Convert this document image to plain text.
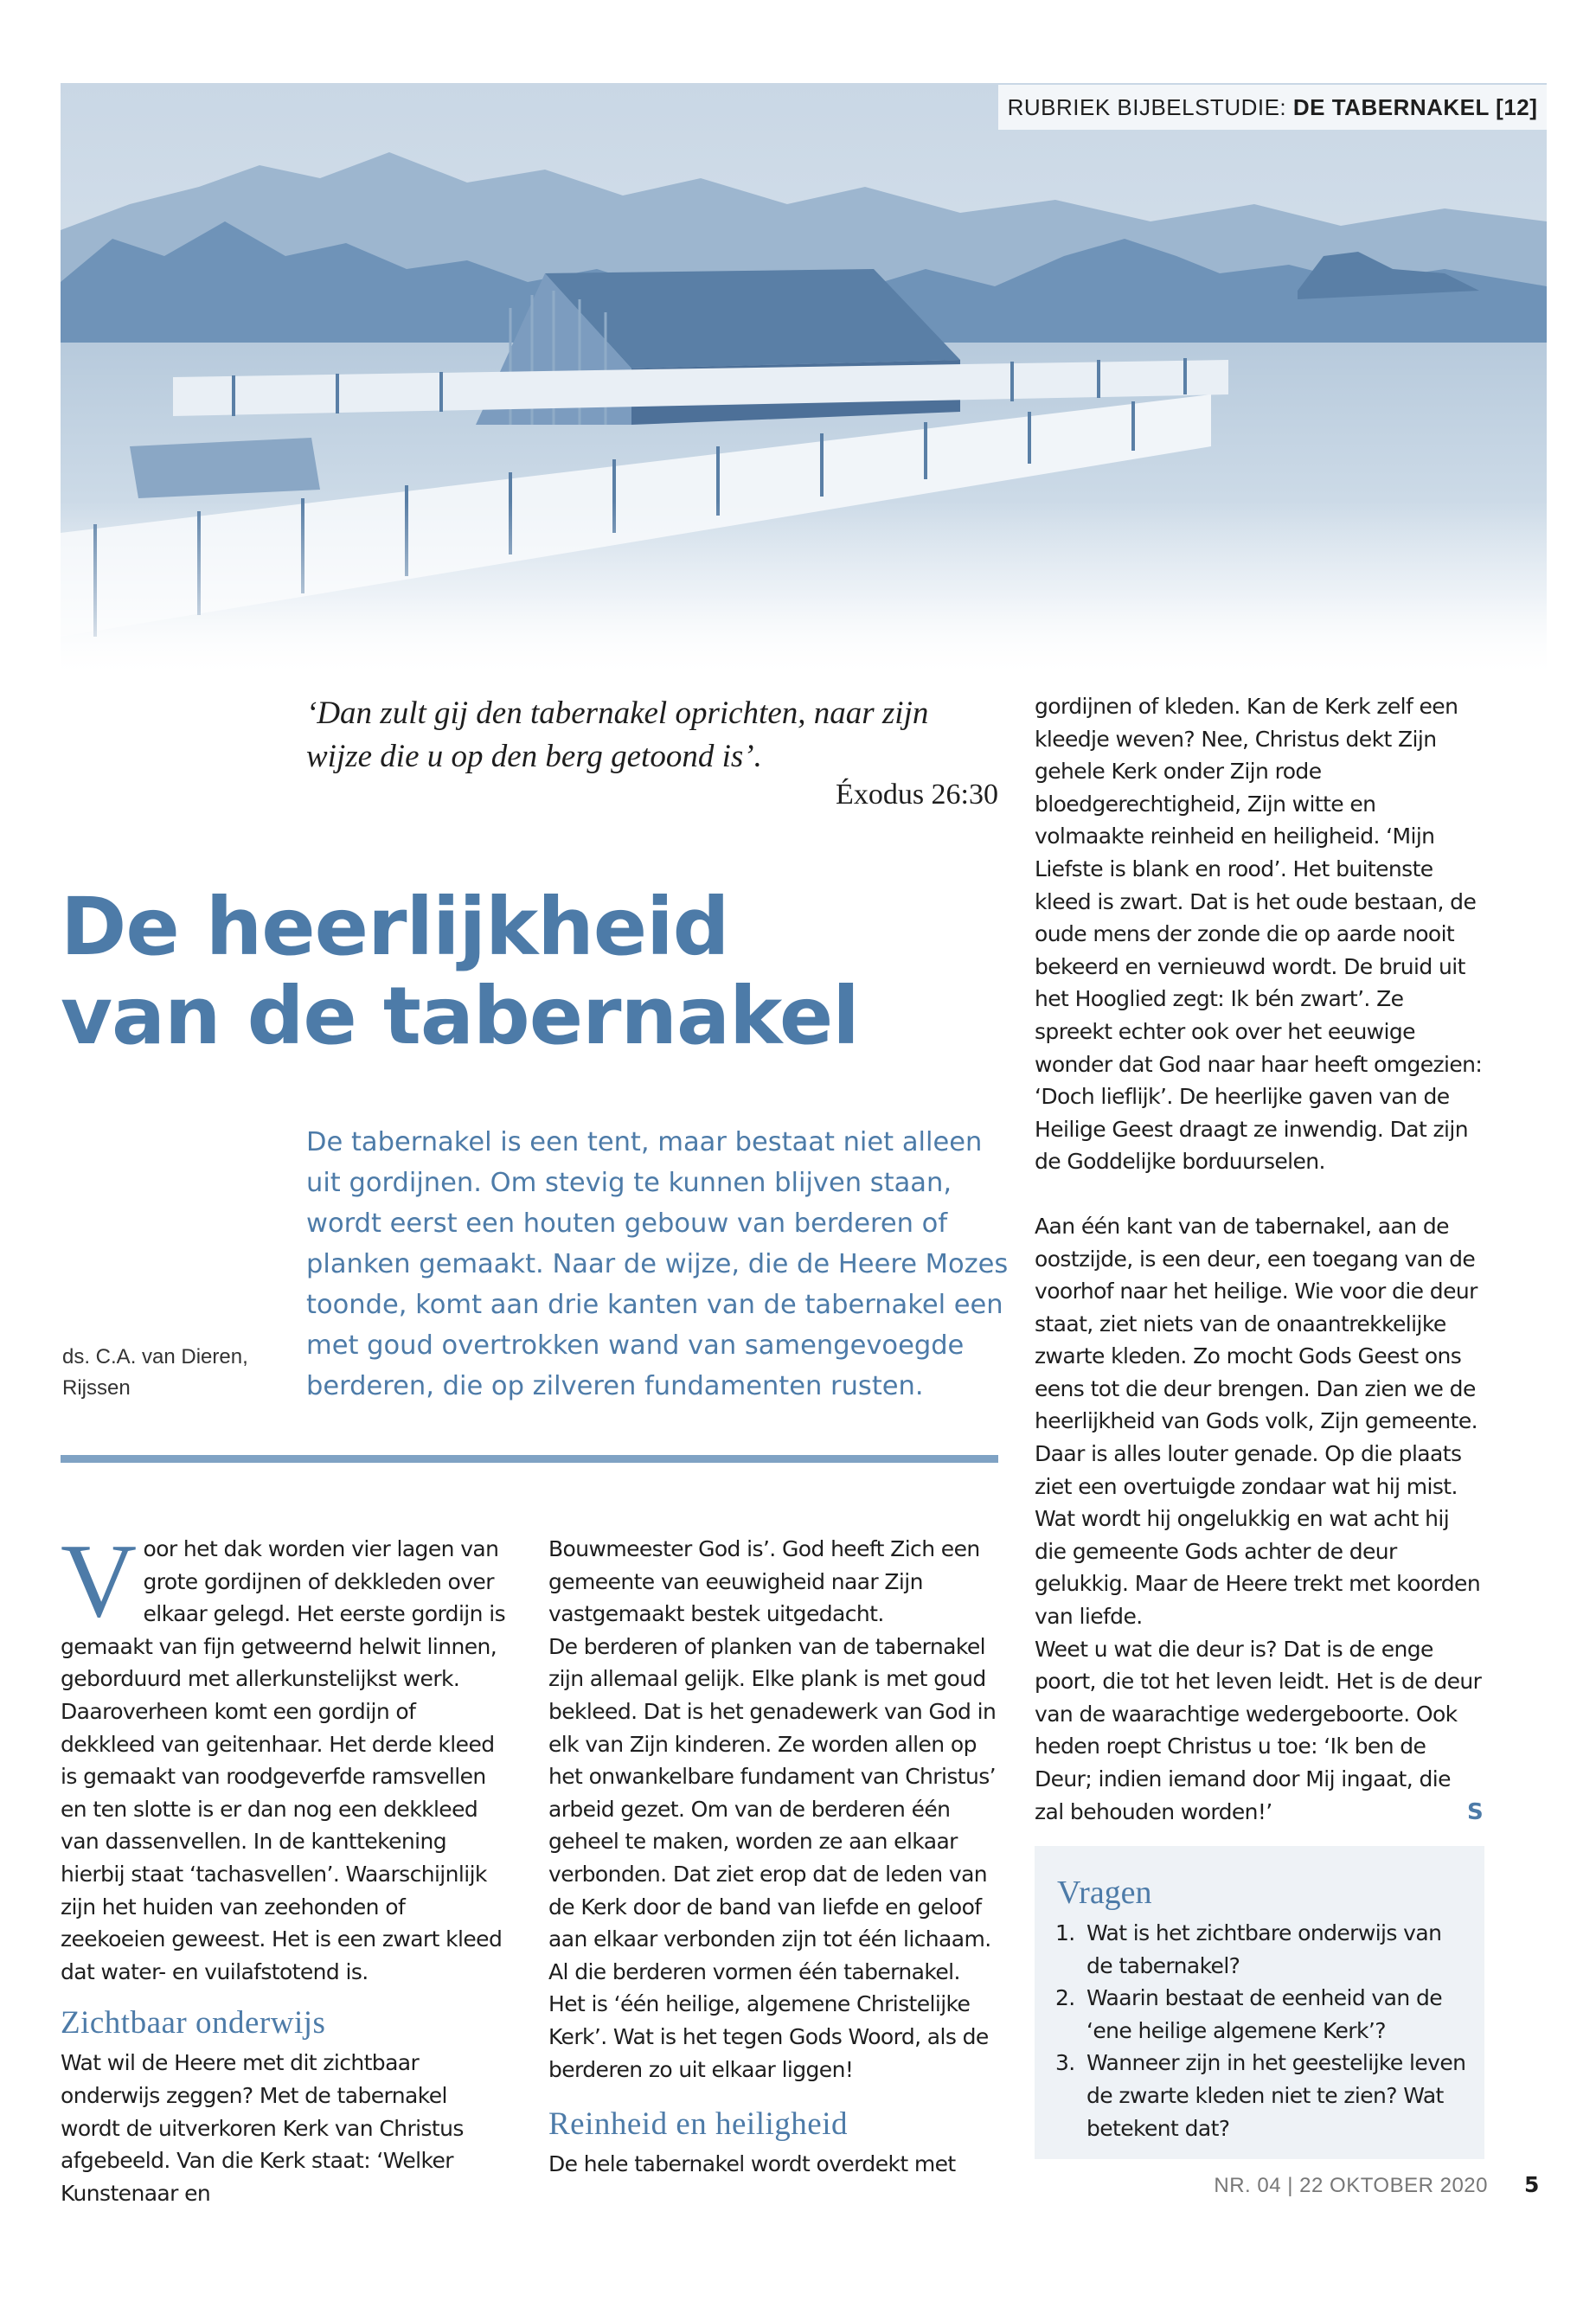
RUBRIEK BIJBELSTUDIE: DE TABERNAKEL [12]
‘Dan zult gij den tabernakel oprichten, naar zijn wijze die u op den berg getoond is’.
Éxodus 26:30
De heerlijkheid
van de tabernakel
De tabernakel is een tent, maar bestaat niet alleen uit gordijnen. Om stevig te kunnen blijven staan, wordt eerst een houten gebouw van berderen of planken gemaakt. Naar de wijze, die de Heere Mozes toonde, komt aan drie kanten van de tabernakel een met goud overtrokken wand van samengevoegde berderen, die op zilveren fundamenten rusten.
ds. C.A. van Dieren,
Rijssen

Voor het dak worden vier lagen van grote gordijnen of dekkleden over elkaar gelegd. Het eerste gordijn is gemaakt van fijn getweernd helwit linnen, geborduurd met allerkunstelijkst werk. Daaroverheen komt een gordijn of dekkleed van geitenhaar. Het derde kleed is gemaakt van roodgeverfde ramsvellen en ten slotte is er dan nog een dekkleed van dassenvellen. In de kanttekening hierbij staat ‘tachasvellen’. Waarschijnlijk zijn het huiden van zeehonden of zeekoeien geweest. Het is een zwart kleed dat water- en vuilafstotend is.

Zichtbaar onderwijs

Wat wil de Heere met dit zichtbaar onderwijs zeggen? Met de tabernakel wordt de uitverkoren Kerk van Christus afgebeeld. Van die Kerk staat: ‘Welker Kunstenaar en

Bouwmeester God is’. God heeft Zich een gemeente van eeuwigheid naar Zijn vastgemaakt bestek uitgedacht.

De berderen of planken van de tabernakel zijn allemaal gelijk. Elke plank is met goud bekleed. Dat is het genadewerk van God in elk van Zijn kinderen. Ze worden allen op het onwankelbare fundament van Christus’ arbeid gezet. Om van de berderen één geheel te maken, worden ze aan elkaar verbonden. Dat ziet erop dat de leden van de Kerk door de band van liefde en geloof aan elkaar verbonden zijn tot één lichaam. Al die berderen vormen één tabernakel. Het is ‘één heilige, algemene Christelijke Kerk’. Wat is het tegen Gods Woord, als de berderen zo uit elkaar liggen!

Reinheid en heiligheid

De hele tabernakel wordt overdekt met

gordijnen of kleden. Kan de Kerk zelf een kleedje weven? Nee, Christus dekt Zijn gehele Kerk onder Zijn rode bloedgerechtigheid, Zijn witte en volmaakte reinheid en heiligheid. ‘Mijn Liefste is blank en rood’. Het buitenste kleed is zwart. Dat is het oude bestaan, de oude mens der zonde die op aarde nooit bekeerd en vernieuwd wordt. De bruid uit het Hooglied zegt: Ik bén zwart’. Ze spreekt echter ook over het eeuwige wonder dat God naar haar heeft omgezien: ‘Doch lieflijk’. De heerlijke gaven van de Heilige Geest draagt ze inwendig. Dat zijn de Goddelijke borduurselen.

Aan één kant van de tabernakel, aan de oostzijde, is een deur, een toegang van de voorhof naar het heilige. Wie voor die deur staat, ziet niets van de onaantrekkelijke zwarte kleden. Zo mocht Gods Geest ons eens tot die deur brengen. Dan zien we de heerlijkheid van Gods volk, Zijn gemeente. Daar is alles louter genade. Op die plaats ziet een overtuigde zondaar wat hij mist. Wat wordt hij ongelukkig en wat acht hij die gemeente Gods achter de deur gelukkig. Maar de Heere trekt met koorden van liefde.

Weet u wat die deur is? Dat is de enge poort, die tot het leven leidt. Het is de deur van de waarachtige wedergeboorte. Ook heden roept Christus u toe: ‘Ik ben de Deur; indien iemand door Mij ingaat, die zal behouden worden!’	S

Vragen
1. Wat is het zichtbare onderwijs van de tabernakel?
2. Waarin bestaat de eenheid van de ‘ene heilige algemene Kerk’?
3. Wanneer zijn in het geestelijke leven de zwarte kleden niet te zien? Wat betekent dat?
NR. 04 | 22 OKTOBER 2020 5
